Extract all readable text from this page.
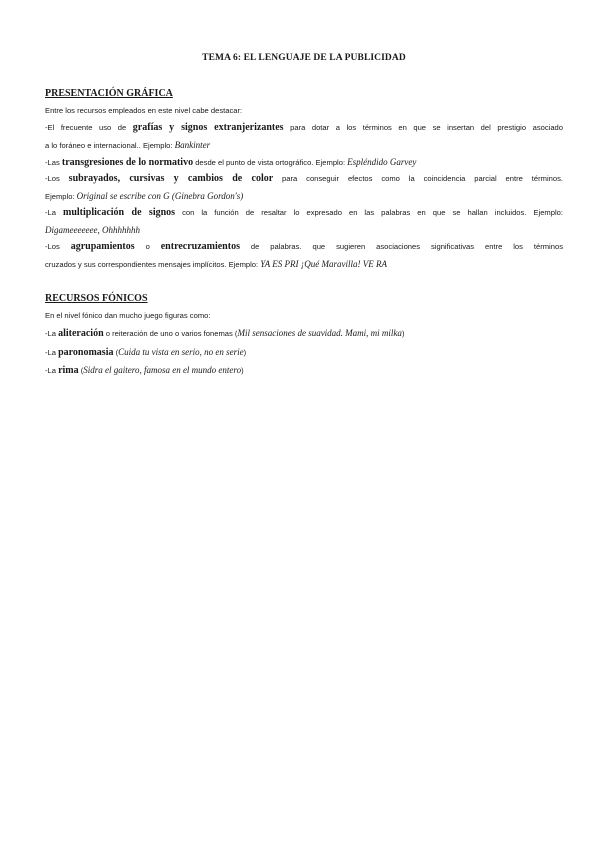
TEMA 6: EL LENGUAJE DE LA PUBLICIDAD
PRESENTACIÓN GRÁFICA
Entre los recursos empleados en este nivel cabe destacar:
-El frecuente uso de grafías y signos extranjerizantes para dotar a los términos en que se insertan del prestigio asociado
a lo foráneo e internacional.. Ejemplo: Bankinter
-Las transgresiones de lo normativo desde el punto de vista ortográfico. Ejemplo: Espléndido Garvey
-Los subrayados, cursivas y cambios de color para conseguir efectos como la coincidencia parcial entre términos.
Ejemplo: Original se escribe con G (Ginebra Gordon's)
-La multiplicación de signos con la función de resaltar lo expresado en las palabras en que se hallan incluidos. Ejemplo:
Digameeeeeee, Ohhhhhhh
-Los agrupamientos o entrecruzamientos de palabras. que sugieren asociaciones significativas entre los términos
cruzados y sus correspondientes mensajes implícitos. Ejemplo: YA ES PRI ¡Qué Maravilla! VE RA
RECURSOS FÓNICOS
En el nivel fónico dan mucho juego figuras como:
-La aliteración o reiteración de uno o varios fonemas (Mil sensaciones de suavidad. Mami, mi milka)
-La paronomasia (Cuida tu vista en serio, no en serie)
-La rima (Sidra el gaitero, famosa en el mundo entero)
